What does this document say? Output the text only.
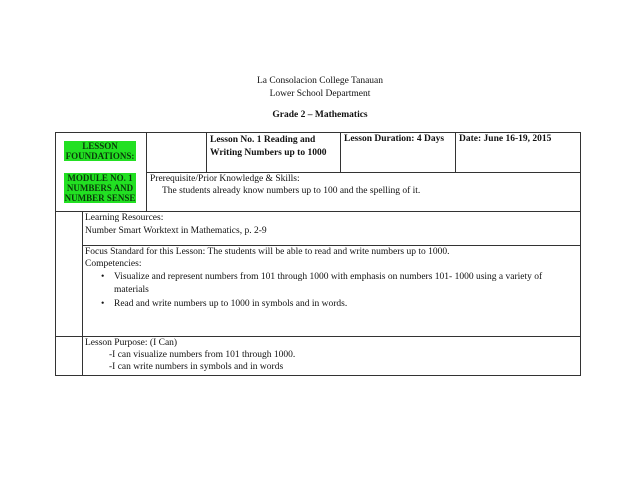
La Consolacion College Tanauan
Lower School Department
Grade 2 – Mathematics
LESSON
FOUNDATIONS:
MODULE NO. 1
NUMBERS AND
NUMBER SENSE
Lesson No. 1 Reading and
Writing Numbers up to 1000
Lesson Duration: 4 Days Date: June 16-19, 2015
Prerequisite/Prior Knowledge & Skills:
The students already know numbers up to 100 and the spelling of it.
Learning Resources:
Number Smart Worktext in Mathematics, p. 2-9
Focus Standard for this Lesson: The students will be able to read and write numbers up to 1000.
Competencies:
• Visualize and represent numbers from 101 through 1000 with emphasis on numbers 101- 1000 using a variety of
materials
• Read and write numbers up to 1000 in symbols and in words.
Lesson Purpose: (I Can)
-I can visualize numbers from 101 through 1000.
-I can write numbers in symbols and in words
